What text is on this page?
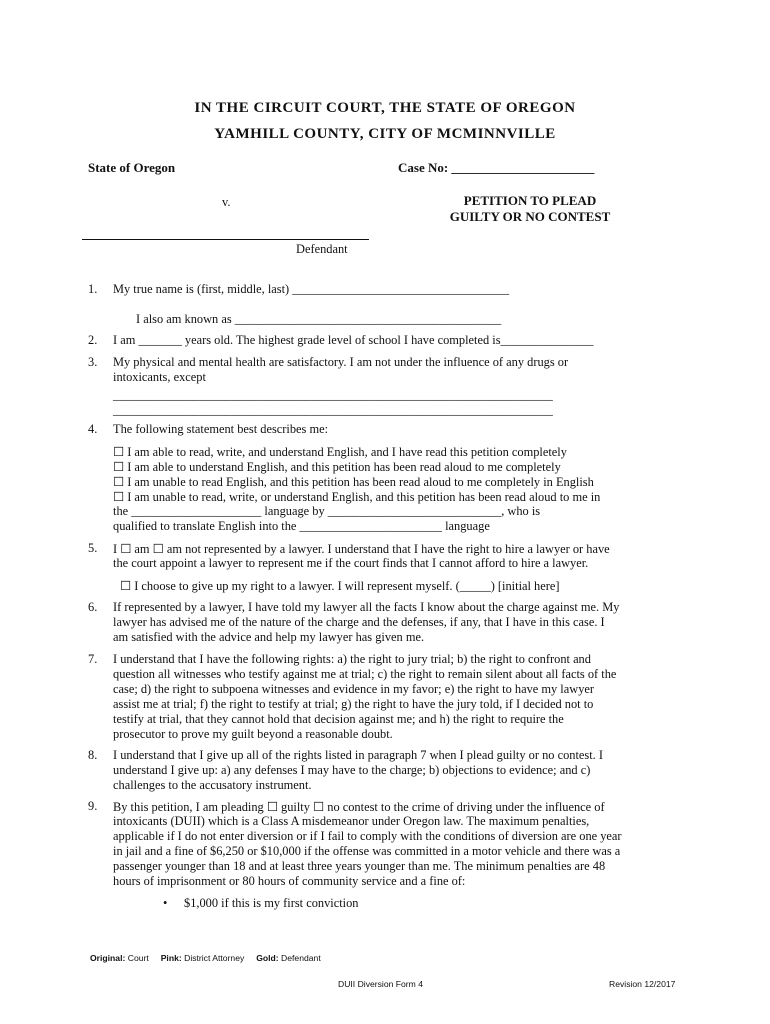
IN THE CIRCUIT COURT, THE STATE OF OREGON
YAMHILL COUNTY, CITY OF MCMINNVILLE
State of Oregon	Case No: ______________________
v.	PETITION TO PLEAD
GUILTY OR NO CONTEST
Defendant
1. My true name is (first, middle, last) ___________________________________
I also am known as ___________________________________________
2. I am _______ years old. The highest grade level of school I have completed is_______________
3. My physical and mental health are satisfactory. I am not under the influence of any drugs or
intoxicants, except
_______________________________________________________________________
_______________________________________________________________________
4. The following statement best describes me:
☐ I am able to read, write, and understand English, and I have read this petition completely
☐ I am able to understand English, and this petition has been read aloud to me completely
☐ I am unable to read English, and this petition has been read aloud to me completely in English
☐ I am unable to read, write, or understand English, and this petition has been read aloud to me in
the _____________________ language by ____________________________, who is
qualified to translate English into the _______________________ language
5. I ☐ am ☐ am not represented by a lawyer. I understand that I have the right to hire a lawyer or have
the court appoint a lawyer to represent me if the court finds that I cannot afford to hire a lawyer.
☐ I choose to give up my right to a lawyer. I will represent myself. (_____) [initial here]
6. If represented by a lawyer, I have told my lawyer all the facts I know about the charge against me. My
lawyer has advised me of the nature of the charge and the defenses, if any, that I have in this case. I
am satisfied with the advice and help my lawyer has given me.
7. I understand that I have the following rights: a) the right to jury trial; b) the right to confront and
question all witnesses who testify against me at trial; c) the right to remain silent about all facts of the
case; d) the right to subpoena witnesses and evidence in my favor; e) the right to have my lawyer
assist me at trial; f) the right to testify at trial; g) the right to have the jury told, if I decided not to
testify at trial, that they cannot hold that decision against me; and h) the right to require the
prosecutor to prove my guilt beyond a reasonable doubt.
8. I understand that I give up all of the rights listed in paragraph 7 when I plead guilty or no contest. I
understand I give up: a) any defenses I may have to the charge; b) objections to evidence; and c)
challenges to the accusatory instrument.
9. By this petition, I am pleading ☐ guilty ☐ no contest to the crime of driving under the influence of
intoxicants (DUII) which is a Class A misdemeanor under Oregon law. The maximum penalties,
applicable if I do not enter diversion or if I fail to comply with the conditions of diversion are one year
in jail and a fine of $6,250 or $10,000 if the offense was committed in a motor vehicle and there was a
passenger younger than 18 and at least three years younger than me. The minimum penalties are 48
hours of imprisonment or 80 hours of community service and a fine of:
• $1,000 if this is my first conviction
Original: Court Pink: District Attorney Gold: Defendant
DUII Diversion Form 4	Revision 12/2017
